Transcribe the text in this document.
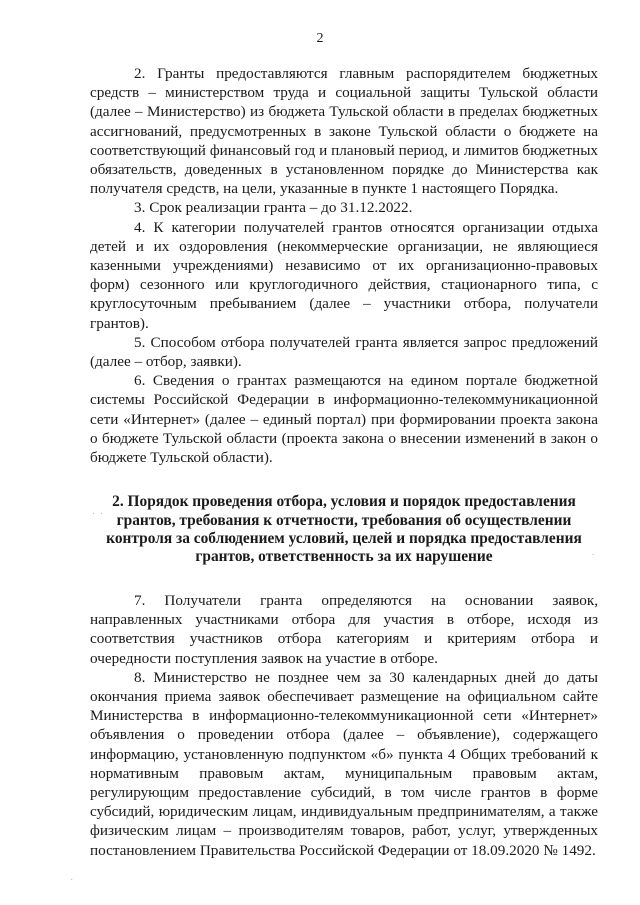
2

2. Гранты предоставляются главным распорядителем бюджетных средств – министерством труда и социальной защиты Тульской области (далее – Министерство) из бюджета Тульской области в пределах бюджетных ассигнований, предусмотренных в законе Тульской области о бюджете на соответствующий финансовый год и плановый период, и лимитов бюджетных обязательств, доведенных в установленном порядке до Министерства как получателя средств, на цели, указанные в пункте 1 настоящего Порядка.

3. Срок реализации гранта – до 31.12.2022.

4. К категории получателей грантов относятся организации отдыха детей и их оздоровления (некоммерческие организации, не являющиеся казенными учреждениями) независимо от их организационно-правовых форм) сезонного или круглогодичного действия, стационарного типа, с круглосуточным пребыванием (далее – участники отбора, получатели грантов).

5. Способом отбора получателей гранта является запрос предложений (далее – отбор, заявки).

6. Сведения о грантах размещаются на едином портале бюджетной системы Российской Федерации в информационно-телекоммуникационной сети «Интернет» (далее – единый портал) при формировании проекта закона о бюджете Тульской области (проекта закона о внесении изменений в закон о бюджете Тульской области).

2. Порядок проведения отбора, условия и порядок предоставления грантов, требования к отчетности, требования об осуществлении контроля за соблюдением условий, целей и порядка предоставления грантов, ответственность за их нарушение

7. Получатели гранта определяются на основании заявок, направленных участниками отбора для участия в отборе, исходя из соответствия участников отбора категориям и критериям отбора и очередности поступления заявок на участие в отборе.

8. Министерство не позднее чем за 30 календарных дней до даты окончания приема заявок обеспечивает размещение на официальном сайте Министерства в информационно-телекоммуникационной сети «Интернет» объявления о проведении отбора (далее – объявление), содержащего информацию, установленную подпунктом «б» пункта 4 Общих требований к нормативным правовым актам, муниципальным правовым актам, регулирующим предоставление субсидий, в том числе грантов в форме субсидий, юридическим лицам, индивидуальным предпринимателям, а также физическим лицам – производителям товаров, работ, услуг, утвержденных постановлением Правительства Российской Федерации от 18.09.2020 № 1492.

· ·
.
·
